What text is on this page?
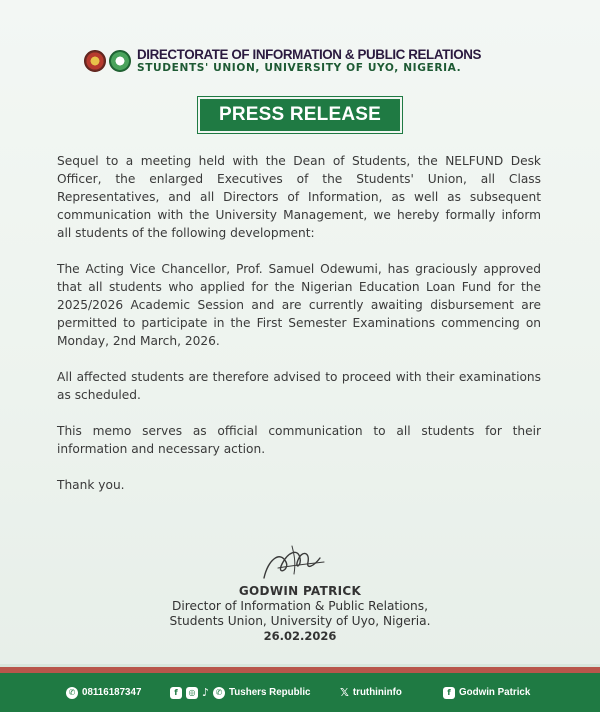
DIRECTORATE OF INFORMATION & PUBLIC RELATIONS
STUDENTS' UNION, UNIVERSITY OF UYO, NIGERIA.
PRESS RELEASE

Sequel to a meeting held with the Dean of Students, the NELFUND Desk Officer, the enlarged Executives of the Students' Union, all Class Representatives, and all Directors of Information, as well as subsequent communication with the University Management, we hereby formally inform all students of the following development:

The Acting Vice Chancellor, Prof. Samuel Odewumi, has graciously approved that all students who applied for the Nigerian Education Loan Fund for the 2025/2026 Academic Session and are currently awaiting disbursement are permitted to participate in the First Semester Examinations commencing on Monday, 2nd March, 2026.

All affected students are therefore advised to proceed with their examinations as scheduled.

This memo serves as official communication to all students for their information and necessary action.

Thank you.

GODWIN PATRICK
Director of Information & Public Relations,
Students Union, University of Uyo, Nigeria.
26.02.2026
✆ 08116187347	f	◎ ♪ ✆ Tushers Republic	𝕏 truthininfo	f Godwin Patrick
